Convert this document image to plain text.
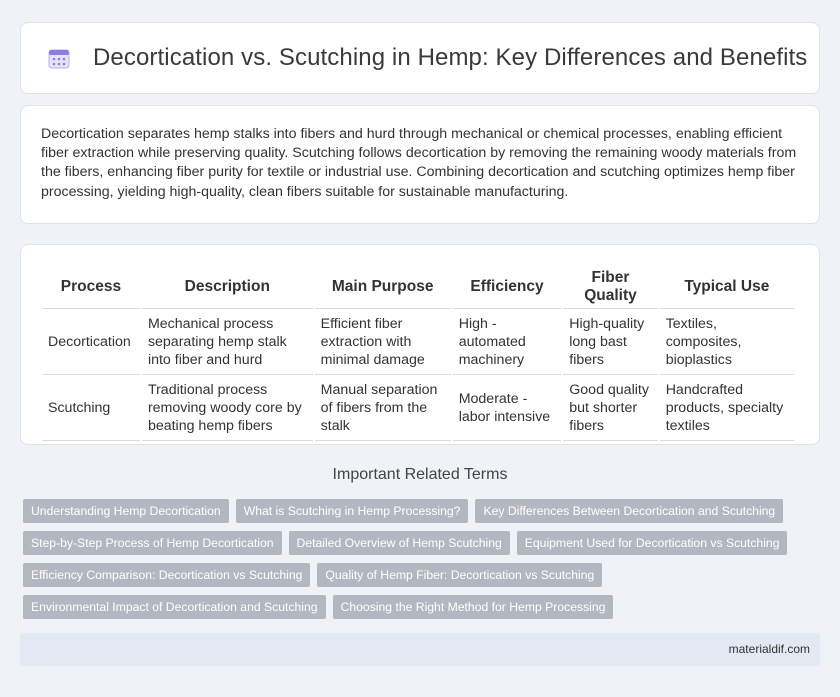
Decortication vs. Scutching in Hemp: Key Differences and Benefits

Decortication separates hemp stalks into fibers and hurd through mechanical or chemical processes, enabling efficient fiber extraction while preserving quality. Scutching follows decortication by removing the remaining woody materials from the fibers, enhancing fiber purity for textile or industrial use. Combining decortication and scutching optimizes hemp fiber processing, yielding high-quality, clean fibers suitable for sustainable manufacturing.

Process	Description	Main Purpose	Efficiency	Fiber Quality	Typical Use
Decortication	Mechanical process separating hemp stalk into fiber and hurd	Efficient fiber extraction with minimal damage	High - automated machinery	High-quality long bast fibers	Textiles, composites, bioplastics
Scutching	Traditional process removing woody core by beating hemp fibers	Manual separation of fibers from the stalk	Moderate - labor intensive	Good quality but shorter fibers	Handcrafted products, specialty textiles
Important Related Terms
Understanding Hemp Decortication	What is Scutching in Hemp Processing?	Key Differences Between Decortication and Scutching
Step-by-Step Process of Hemp Decortication	Detailed Overview of Hemp Scutching	Equipment Used for Decortication vs Scutching
Efficiency Comparison: Decortication vs Scutching	Quality of Hemp Fiber: Decortication vs Scutching
Environmental Impact of Decortication and Scutching	Choosing the Right Method for Hemp Processing
materialdif.com
